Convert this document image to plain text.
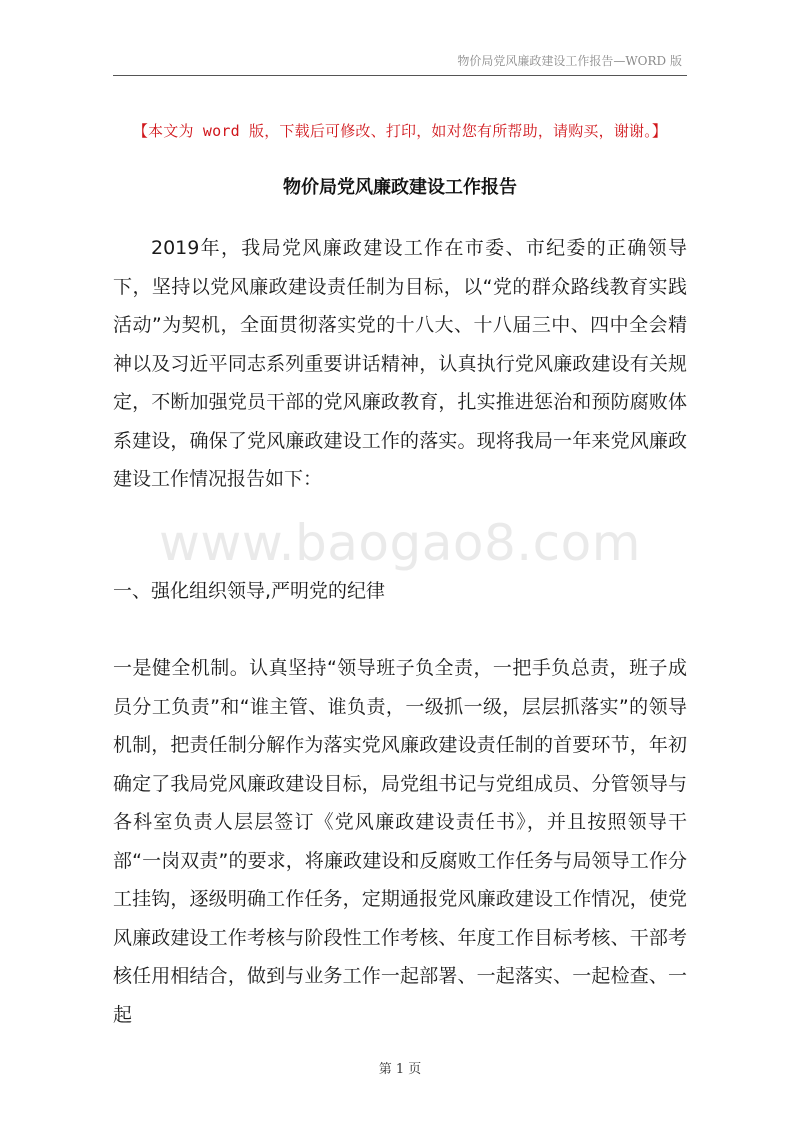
物价局党风廉政建设工作报告—WORD 版
【本文为 word 版，下载后可修改、打印，如对您有所帮助，请购买，谢谢。】
物价局党风廉政建设工作报告

2019年，我局党风廉政建设工作在市委、市纪委的正确领导下，坚持以党风廉政建设责任制为目标，以“党的群众路线教育实践活动”为契机，全面贯彻落实党的十八大、十八届三中、四中全会精神以及习近平同志系列重要讲话精神，认真执行党风廉政建设有关规定，不断加强党员干部的党风廉政教育，扎实推进惩治和预防腐败体系建设，确保了党风廉政建设工作的落实。现将我局一年来党风廉政建设工作情况报告如下：

www.baogao8.com
一、强化组织领导,严明党的纪律

一是健全机制。认真坚持“领导班子负全责，一把手负总责，班子成员分工负责”和“谁主管、谁负责，一级抓一级，层层抓落实”的领导机制，把责任制分解作为落实党风廉政建设责任制的首要环节，年初确定了我局党风廉政建设目标，局党组书记与党组成员、分管领导与各科室负责人层层签订《党风廉政建设责任书》，并且按照领导干部“一岗双责”的要求，将廉政建设和反腐败工作任务与局领导工作分工挂钩，逐级明确工作任务，定期通报党风廉政建设工作情况，使党风廉政建设工作考核与阶段性工作考核、年度工作目标考核、干部考核任用相结合，做到与业务工作一起部署、一起落实、一起检查、一起

第 1 页
